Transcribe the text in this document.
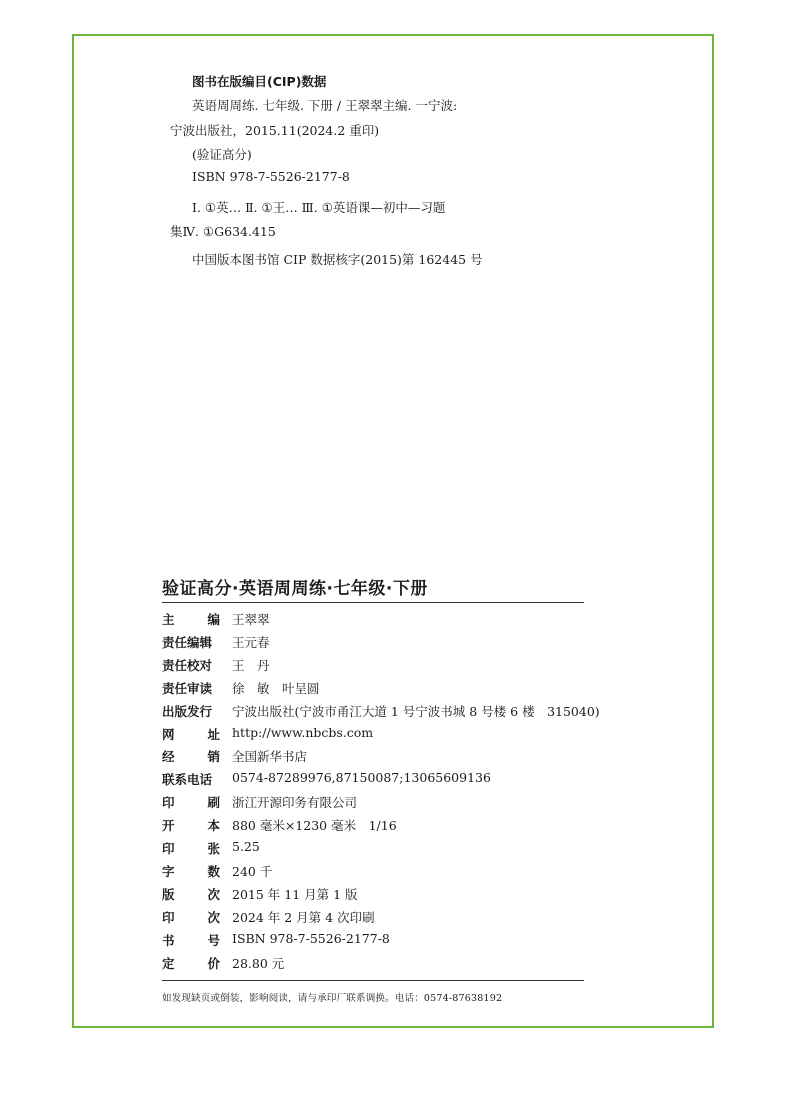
图书在版编目(CIP)数据
英语周周练. 七年级. 下册 / 王翠翠主编. 一宁波:
宁波出版社，2015.11(2024.2 重印)
(验证高分)
ISBN 978-7-5526-2177-8
Ⅰ. ①英… Ⅱ. ①王… Ⅲ. ①英语课—初中—习题
集Ⅳ. ①G634.415
中国版本图书馆 CIP 数据核字(2015)第 162445 号
验证高分·英语周周练·七年级·下册
主	编 王翠翠
责任编辑 王元春
责任校对 王　丹
责任审读 徐　敏　叶呈圆
出版发行 宁波出版社(宁波市甬江大道 1 号宁波书城 8 号楼 6 楼　315040)
网	址 http://www.nbcbs.com
经	销 全国新华书店
联系电话 0574-87289976,87150087;13065609136
印	刷 浙江开源印务有限公司
开	本 880 毫米×1230 毫米　1/16
印	张 5.25
字	数 240 千
版	次 2015 年 11 月第 1 版
印	次 2024 年 2 月第 4 次印刷
书	号 ISBN 978-7-5526-2177-8
定	价 28.80 元
如发现缺页或倒装，影响阅读，请与承印厂联系调换。电话：0574-87638192
